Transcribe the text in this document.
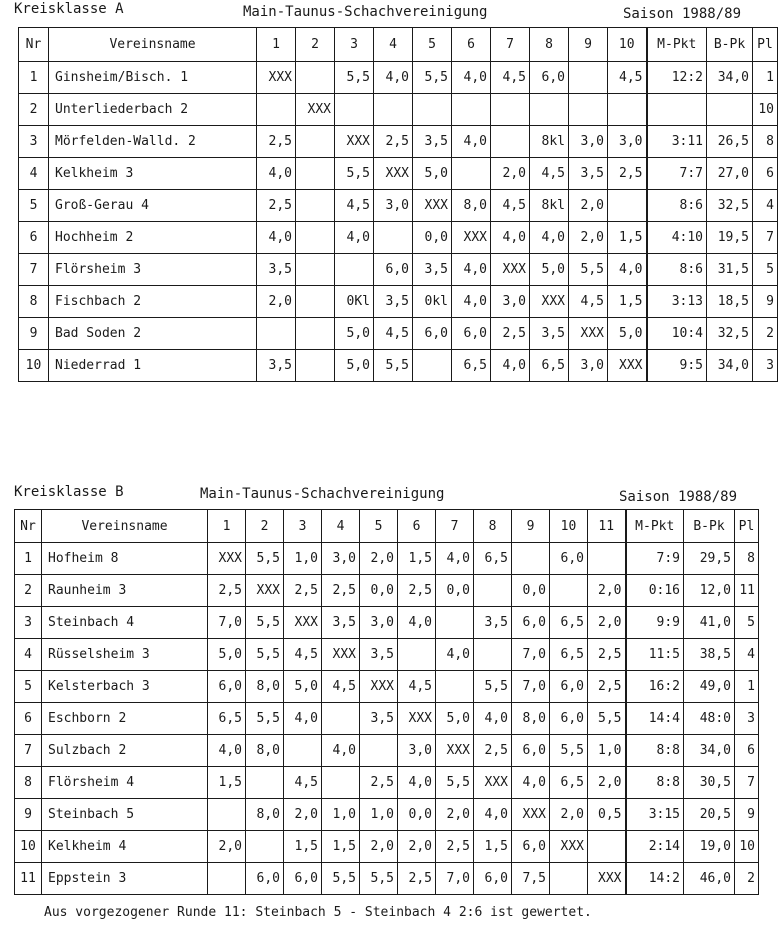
Kreisklasse A	Main-Taunus-Schachvereinigung	Saison 1988/89
Nr	Vereinsname	1	2	3	4	5	6	7	8	9	10	M-Pkt	B-Pk	Pl
1	Ginsheim/Bisch. 1	XXX		5,5	4,0	5,5	4,0	4,5	6,0		4,5	12:2	34,0	1
2	Unterliederbach 2		XXX											10
3	Mörfelden-Walld. 2	2,5		XXX	2,5	3,5	4,0		8kl	3,0	3,0	3:11	26,5	8
4	Kelkheim 3	4,0		5,5	XXX	5,0		2,0	4,5	3,5	2,5	7:7	27,0	6
5	Groß-Gerau 4	2,5		4,5	3,0	XXX	8,0	4,5	8kl	2,0		8:6	32,5	4
6	Hochheim 2	4,0		4,0		0,0	XXX	4,0	4,0	2,0	1,5	4:10	19,5	7
7	Flörsheim 3	3,5			6,0	3,5	4,0	XXX	5,0	5,5	4,0	8:6	31,5	5
8	Fischbach 2	2,0		0Kl	3,5	0kl	4,0	3,0	XXX	4,5	1,5	3:13	18,5	9
9	Bad Soden 2			5,0	4,5	6,0	6,0	2,5	3,5	XXX	5,0	10:4	32,5	2
10	Niederrad 1	3,5		5,0	5,5		6,5	4,0	6,5	3,0	XXX	9:5	34,0	3
Kreisklasse B	Main-Taunus-Schachvereinigung	Saison 1988/89
Nr	Vereinsname	1	2	3	4	5	6	7	8	9	10	11	M-Pkt	B-Pk	Pl
1	Hofheim 8	XXX	5,5	1,0	3,0	2,0	1,5	4,0	6,5		6,0		7:9	29,5	8
2	Raunheim 3	2,5	XXX	2,5	2,5	0,0	2,5	0,0		0,0		2,0	0:16	12,0	11
3	Steinbach 4	7,0	5,5	XXX	3,5	3,0	4,0		3,5	6,0	6,5	2,0	9:9	41,0	5
4	Rüsselsheim 3	5,0	5,5	4,5	XXX	3,5		4,0		7,0	6,5	2,5	11:5	38,5	4
5	Kelsterbach 3	6,0	8,0	5,0	4,5	XXX	4,5		5,5	7,0	6,0	2,5	16:2	49,0	1
6	Eschborn 2	6,5	5,5	4,0		3,5	XXX	5,0	4,0	8,0	6,0	5,5	14:4	48:0	3
7	Sulzbach 2	4,0	8,0		4,0		3,0	XXX	2,5	6,0	5,5	1,0	8:8	34,0	6
8	Flörsheim 4	1,5		4,5		2,5	4,0	5,5	XXX	4,0	6,5	2,0	8:8	30,5	7
9	Steinbach 5		8,0	2,0	1,0	1,0	0,0	2,0	4,0	XXX	2,0	0,5	3:15	20,5	9
10	Kelkheim 4	2,0		1,5	1,5	2,0	2,0	2,5	1,5	6,0	XXX		2:14	19,0	10
11	Eppstein 3		6,0	6,0	5,5	5,5	2,5	7,0	6,0	7,5		XXX	14:2	46,0	2
Aus vorgezogener Runde 11: Steinbach 5 - Steinbach 4 2:6 ist gewertet.
